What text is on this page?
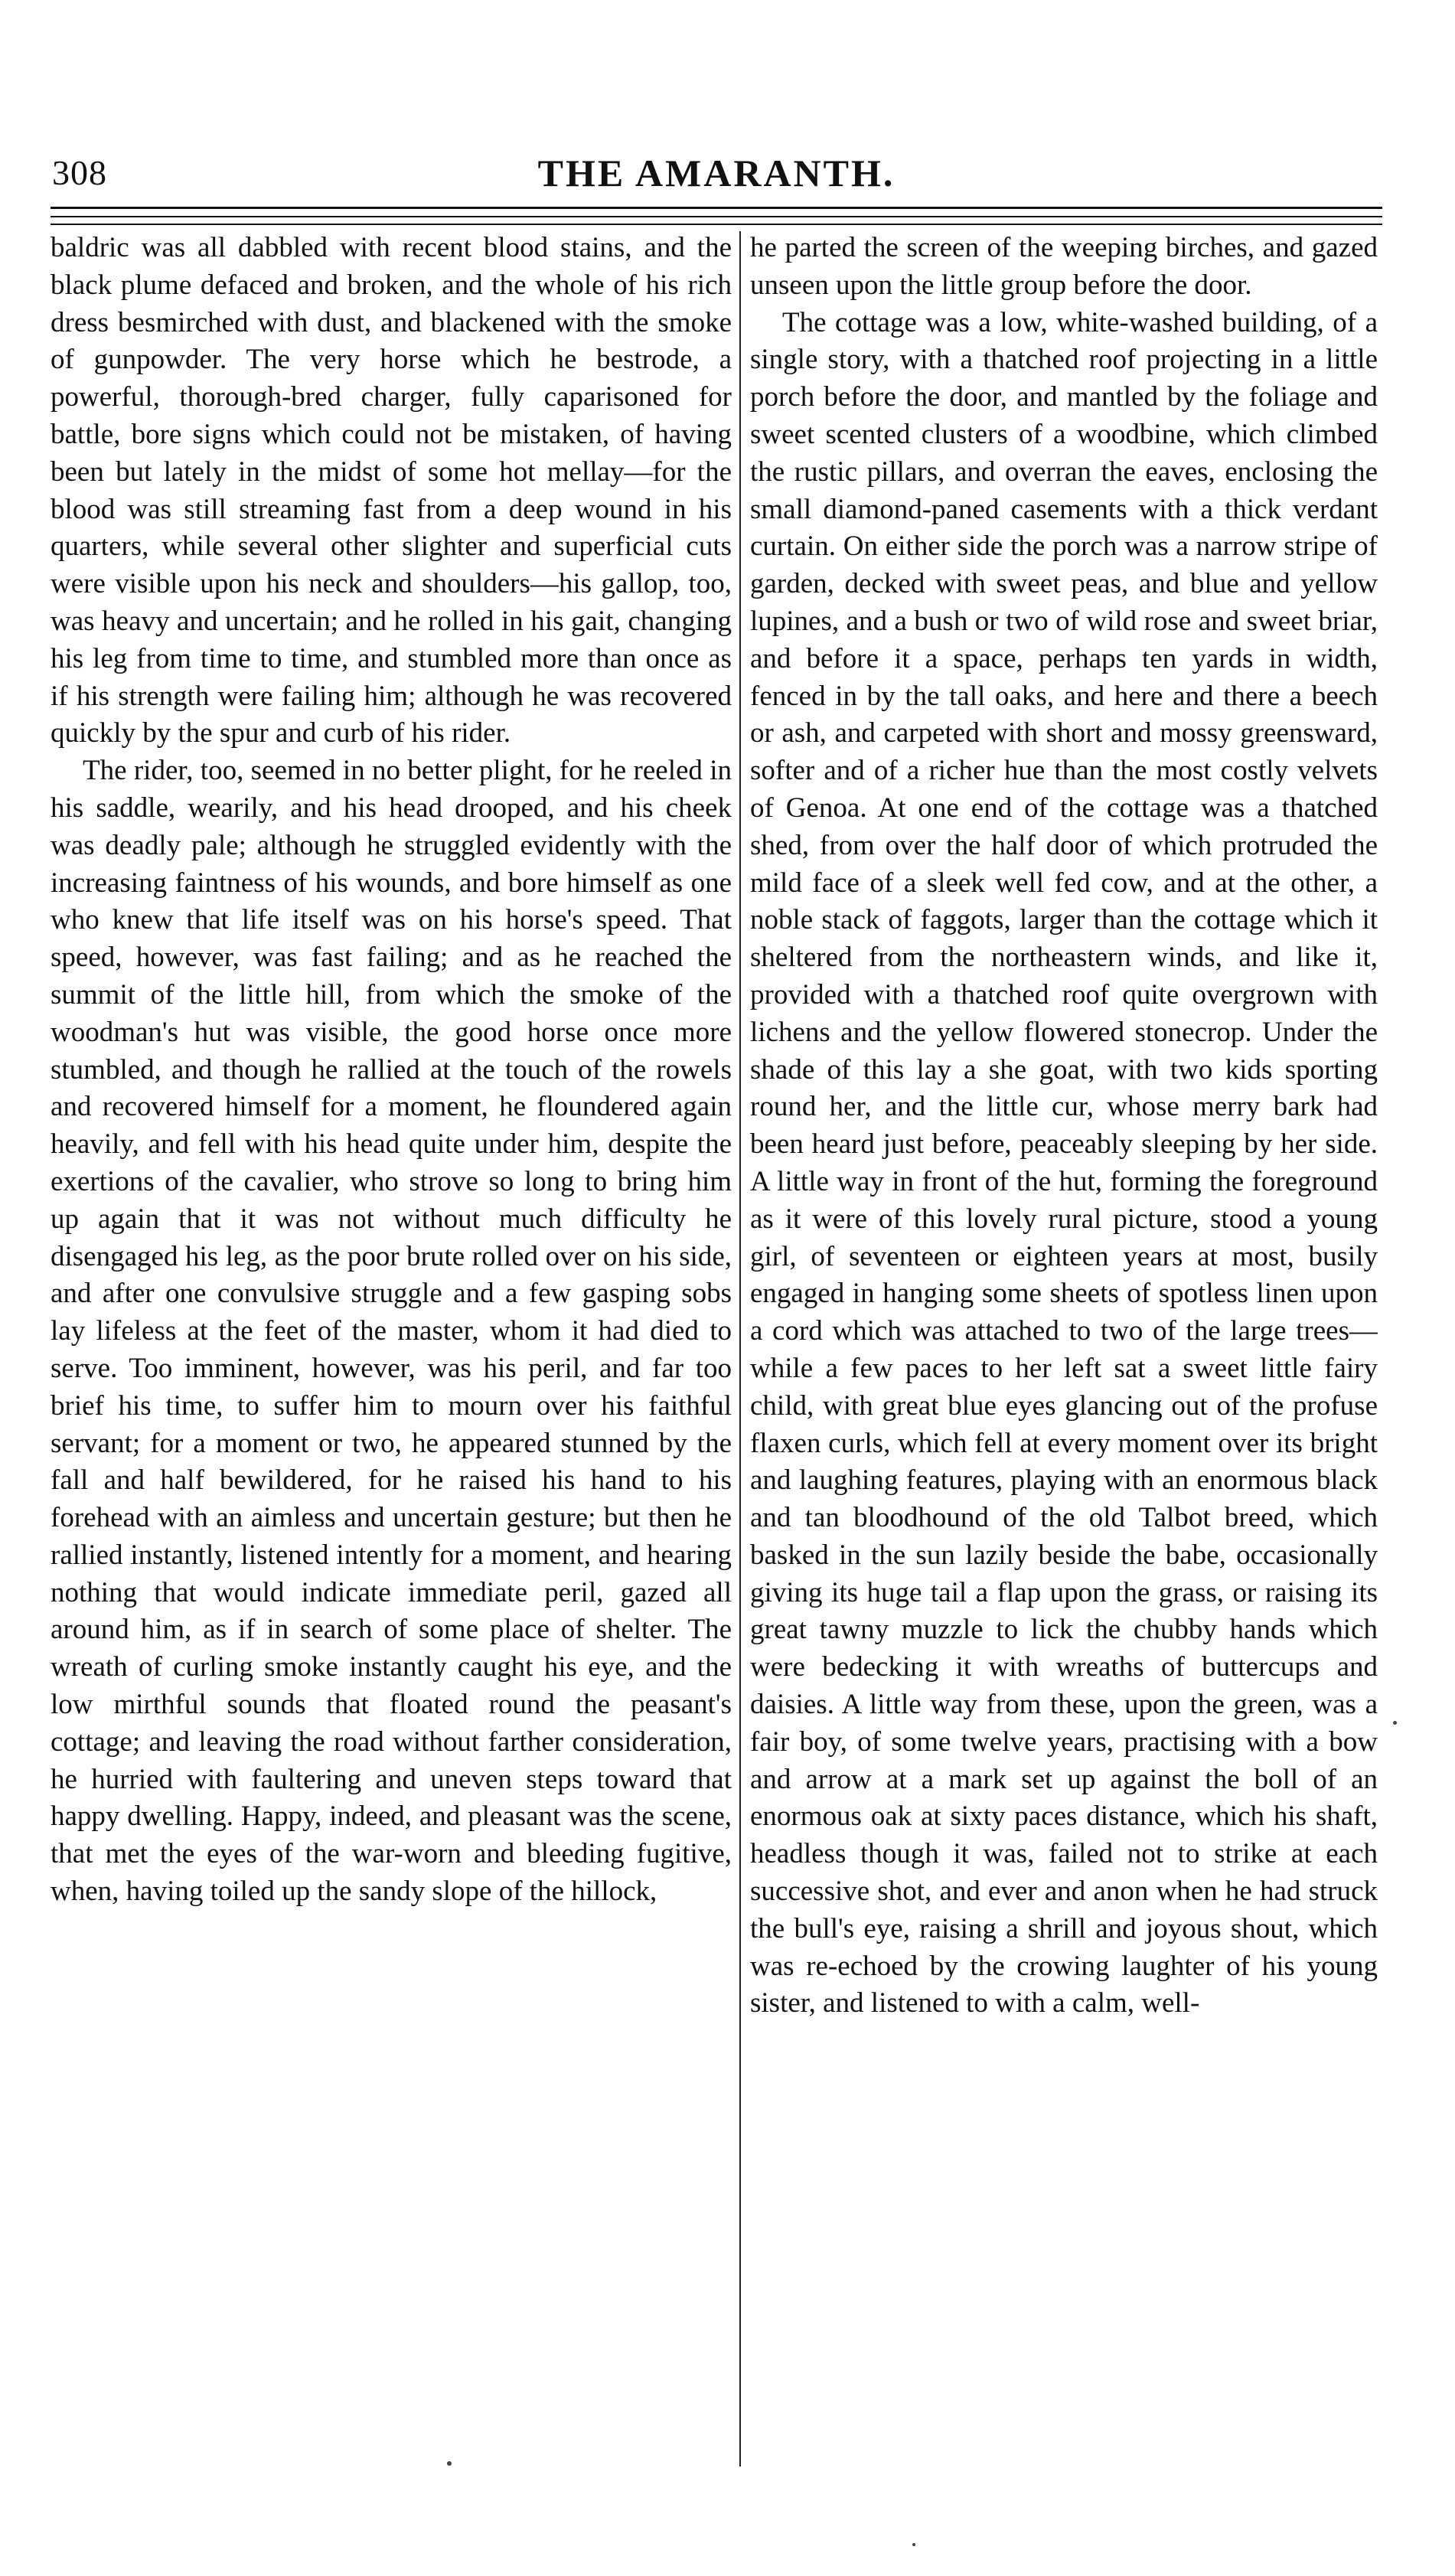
308	THE AMARANTH.

baldric was all dabbled with recent blood stains, and the black plume defaced and broken, and the whole of his rich dress besmirched with dust, and blackened with the smoke of gunpowder. The very horse which he bestrode, a powerful, thorough-bred charger, fully caparisoned for battle, bore signs which could not be mistaken, of having been but lately in the midst of some hot mellay—for the blood was still streaming fast from a deep wound in his quarters, while several other slighter and superficial cuts were visible upon his neck and shoulders—his gallop, too, was heavy and uncertain; and he rolled in his gait, changing his leg from time to time, and stumbled more than once as if his strength were failing him; although he was recovered quickly by the spur and curb of his rider.

The rider, too, seemed in no better plight, for he reeled in his saddle, wearily, and his head drooped, and his cheek was deadly pale; although he struggled evidently with the increasing faintness of his wounds, and bore himself as one who knew that life itself was on his horse's speed. That speed, however, was fast failing; and as he reached the summit of the little hill, from which the smoke of the woodman's hut was visible, the good horse once more stumbled, and though he rallied at the touch of the rowels and recovered himself for a moment, he floundered again heavily, and fell with his head quite under him, despite the exertions of the cavalier, who strove so long to bring him up again that it was not without much difficulty he disengaged his leg, as the poor brute rolled over on his side, and after one convulsive struggle and a few gasping sobs lay lifeless at the feet of the master, whom it had died to serve. Too imminent, however, was his peril, and far too brief his time, to suffer him to mourn over his faithful servant; for a moment or two, he appeared stunned by the fall and half bewildered, for he raised his hand to his forehead with an aimless and uncertain gesture; but then he rallied instantly, listened intently for a moment, and hearing nothing that would indicate immediate peril, gazed all around him, as if in search of some place of shelter. The wreath of curling smoke instantly caught his eye, and the low mirthful sounds that floated round the peasant's cottage; and leaving the road without farther consideration, he hurried with faultering and uneven steps toward that happy dwelling. Happy, indeed, and pleasant was the scene, that met the eyes of the war-worn and bleeding fugitive, when, having toiled up the sandy slope of the hillock,

he parted the screen of the weeping birches, and gazed unseen upon the little group before the door.

The cottage was a low, white-washed building, of a single story, with a thatched roof projecting in a little porch before the door, and mantled by the foliage and sweet scented clusters of a woodbine, which climbed the rustic pillars, and overran the eaves, enclosing the small diamond-paned casements with a thick verdant curtain. On either side the porch was a narrow stripe of garden, decked with sweet peas, and blue and yellow lupines, and a bush or two of wild rose and sweet briar, and before it a space, perhaps ten yards in width, fenced in by the tall oaks, and here and there a beech or ash, and carpeted with short and mossy greensward, softer and of a richer hue than the most costly velvets of Genoa. At one end of the cottage was a thatched shed, from over the half door of which protruded the mild face of a sleek well fed cow, and at the other, a noble stack of faggots, larger than the cottage which it sheltered from the northeastern winds, and like it, provided with a thatched roof quite overgrown with lichens and the yellow flowered stonecrop. Under the shade of this lay a she goat, with two kids sporting round her, and the little cur, whose merry bark had been heard just before, peaceably sleeping by her side. A little way in front of the hut, forming the foreground as it were of this lovely rural picture, stood a young girl, of seventeen or eighteen years at most, busily engaged in hanging some sheets of spotless linen upon a cord which was attached to two of the large trees—while a few paces to her left sat a sweet little fairy child, with great blue eyes glancing out of the profuse flaxen curls, which fell at every moment over its bright and laughing features, playing with an enormous black and tan bloodhound of the old Talbot breed, which basked in the sun lazily beside the babe, occasionally giving its huge tail a flap upon the grass, or raising its great tawny muzzle to lick the chubby hands which were bedecking it with wreaths of buttercups and daisies. A little way from these, upon the green, was a fair boy, of some twelve years, practising with a bow and arrow at a mark set up against the boll of an enormous oak at sixty paces distance, which his shaft, headless though it was, failed not to strike at each successive shot, and ever and anon when he had struck the bull's eye, raising a shrill and joyous shout, which was re-echoed by the crowing laughter of his young sister, and listened to with a calm, well-
